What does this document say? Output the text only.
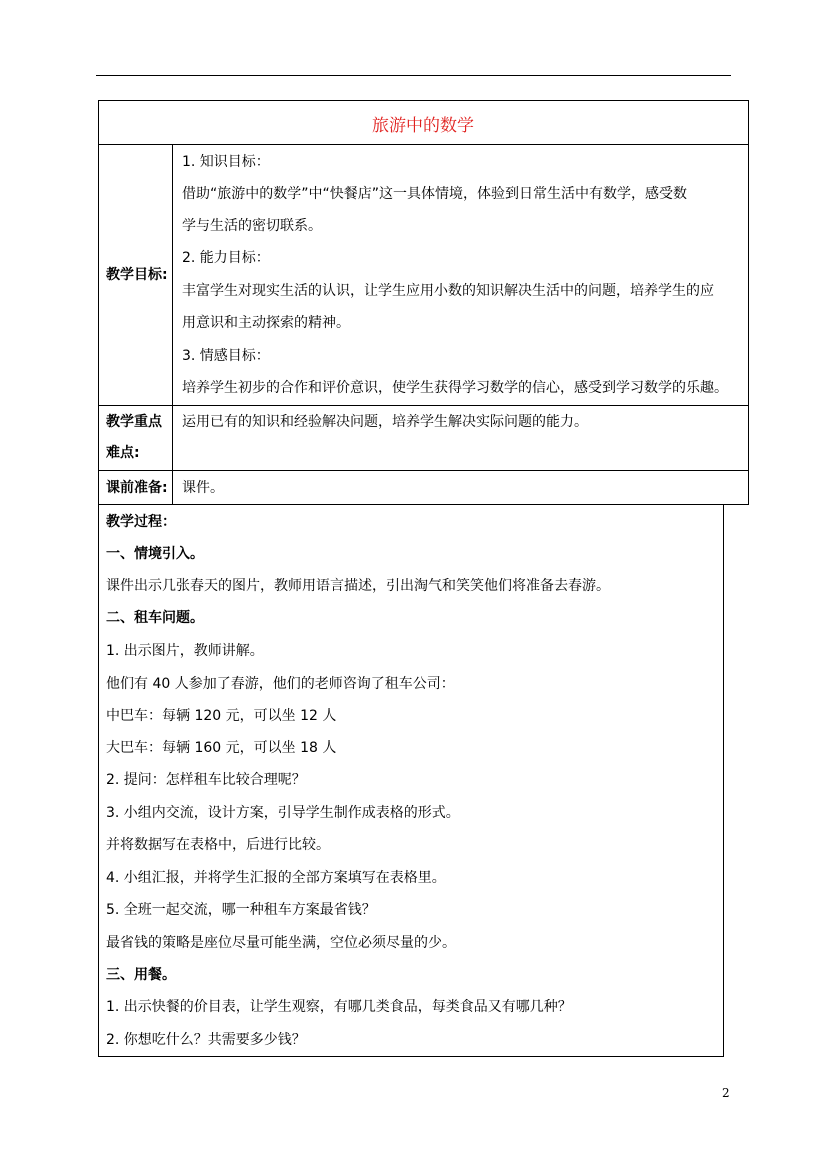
旅游中的数学
教学目标:
1. 知识目标：
借助“旅游中的数学”中“快餐店”这一具体情境，体验到日常生活中有数学，感受数
学与生活的密切联系。
2. 能力目标：
丰富学生对现实生活的认识，让学生应用小数的知识解决生活中的问题，培养学生的应
用意识和主动探索的精神。
3. 情感目标：
培养学生初步的合作和评价意识，使学生获得学习数学的信心，感受到学习数学的乐趣。
教学重点
难点:
运用已有的知识和经验解决问题，培养学生解决实际问题的能力。
课前准备: 课件。
教学过程：
一、情境引入。
课件出示几张春天的图片，教师用语言描述，引出淘气和笑笑他们将准备去春游。
二、租车问题。
1. 出示图片，教师讲解。
他们有 40 人参加了春游，他们的老师咨询了租车公司：
中巴车：每辆 120 元，可以坐 12 人
大巴车：每辆 160 元，可以坐 18 人
2. 提问：怎样租车比较合理呢？
3. 小组内交流，设计方案，引导学生制作成表格的形式。
并将数据写在表格中，后进行比较。
4. 小组汇报，并将学生汇报的全部方案填写在表格里。
5. 全班一起交流，哪一种租车方案最省钱？
最省钱的策略是座位尽量可能坐满，空位必须尽量的少。
三、用餐。
1. 出示快餐的价目表，让学生观察，有哪几类食品，每类食品又有哪几种？
2. 你想吃什么？共需要多少钱？
2
